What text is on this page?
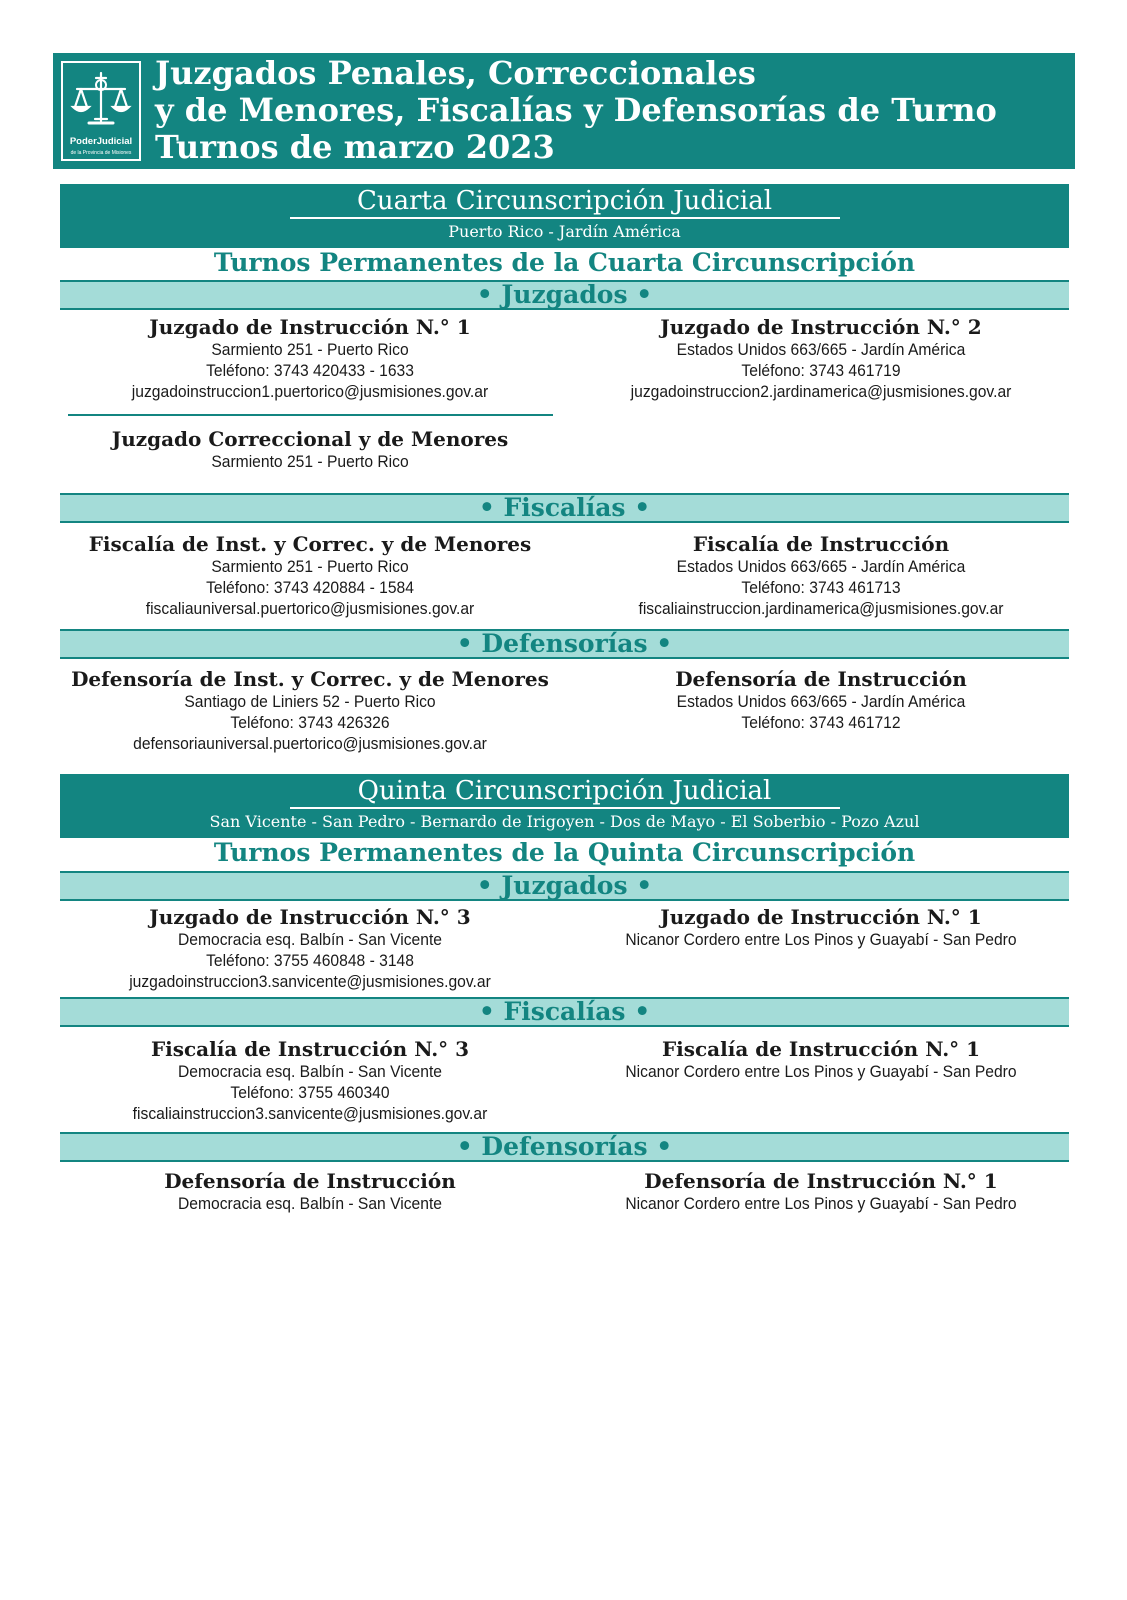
PoderJudicial
de la Provincia de Misiones
Juzgados Penales, Correccionales
y de Menores, Fiscalías y Defensorías de Turno
Turnos de marzo 2023
Cuarta Circunscripción Judicial
Puerto Rico - Jardín América
Turnos Permanentes de la Cuarta Circunscripción
• Juzgados •
Juzgado de Instrucción N.° 1
Sarmiento 251 - Puerto Rico
Teléfono: 3743 420433 - 1633
juzgadoinstruccion1.puertorico@jusmisiones.gov.ar
Juzgado de Instrucción N.° 2
Estados Unidos 663/665 - Jardín América
Teléfono: 3743 461719
juzgadoinstruccion2.jardinamerica@jusmisiones.gov.ar
Juzgado Correccional y de Menores
Sarmiento 251 - Puerto Rico
• Fiscalías •
Fiscalía de Inst. y Correc. y de Menores
Sarmiento 251 - Puerto Rico
Teléfono: 3743 420884 - 1584
fiscaliauniversal.puertorico@jusmisiones.gov.ar
Fiscalía de Instrucción
Estados Unidos 663/665 - Jardín América
Teléfono: 3743 461713
fiscaliainstruccion.jardinamerica@jusmisiones.gov.ar
• Defensorías •
Defensoría de Inst. y Correc. y de Menores
Santiago de Liniers 52 - Puerto Rico
Teléfono: 3743 426326
defensoriauniversal.puertorico@jusmisiones.gov.ar
Defensoría de Instrucción
Estados Unidos 663/665 - Jardín América
Teléfono: 3743 461712
Quinta Circunscripción Judicial
San Vicente - San Pedro - Bernardo de Irigoyen - Dos de Mayo - El Soberbio - Pozo Azul
Turnos Permanentes de la Quinta Circunscripción
• Juzgados •
Juzgado de Instrucción N.° 3
Democracia esq. Balbín - San Vicente
Teléfono: 3755 460848 - 3148
juzgadoinstruccion3.sanvicente@jusmisiones.gov.ar
Juzgado de Instrucción N.° 1
Nicanor Cordero entre Los Pinos y Guayabí - San Pedro
• Fiscalías •
Fiscalía de Instrucción N.° 3
Democracia esq. Balbín - San Vicente
Teléfono: 3755 460340
fiscaliainstruccion3.sanvicente@jusmisiones.gov.ar
Fiscalía de Instrucción N.° 1
Nicanor Cordero entre Los Pinos y Guayabí - San Pedro
• Defensorías •
Defensoría de Instrucción
Democracia esq. Balbín - San Vicente
Defensoría de Instrucción N.° 1
Nicanor Cordero entre Los Pinos y Guayabí - San Pedro
